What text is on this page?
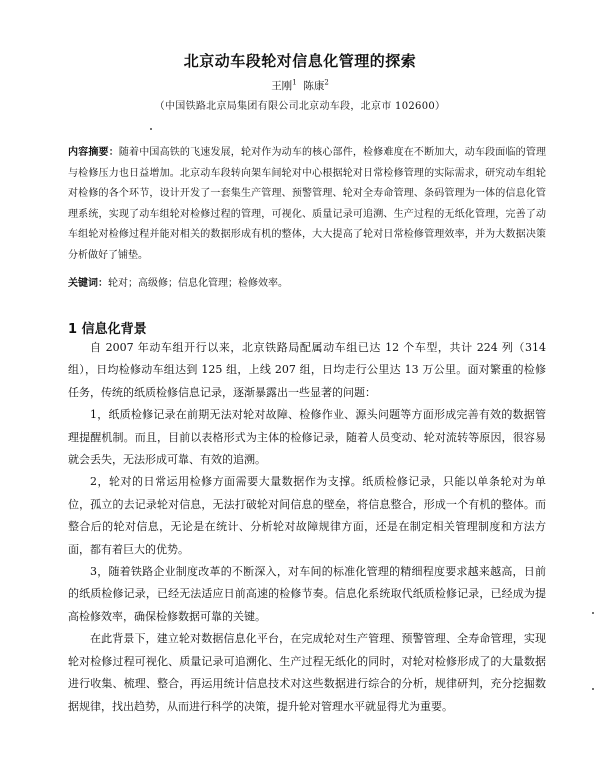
北京动车段轮对信息化管理的探索
王刚$^1$ 陈康$^2$
（中国铁路北京局集团有限公司北京动车段，北京市 102600）
内容摘要：随着中国高铁的飞速发展，轮对作为动车的核心部件，检修难度在不断加大，动车段面临的管理与检修压力也日益增加。北京动车段转向架车间轮对中心根据轮对日常检修管理的实际需求，研究动车组轮对检修的各个环节，设计开发了一套集生产管理、预警管理、轮对全寿命管理、条码管理为一体的信息化管理系统，实现了动车组轮对检修过程的管理，可视化、质量记录可追溯、生产过程的无纸化管理，完善了动车组轮对检修过程并能对相关的数据形成有机的整体，大大提高了轮对日常检修管理效率，并为大数据决策分析做好了铺垫。
关键词：轮对；高级修；信息化管理；检修效率。
1 信息化背景

自 2007 年动车组开行以来，北京铁路局配属动车组已达 12 个车型，共计 224 列（314 组），日均检修动车组达到 125 组，上线 207 组，日均走行公里达 13 万公里。面对繁重的检修任务，传统的纸质检修信息记录，逐渐暴露出一些显著的问题：

1，纸质检修记录在前期无法对轮对故障、检修作业、源头问题等方面形成完善有效的数据管理提醒机制。而且，目前以表格形式为主体的检修记录，随着人员变动、轮对流转等原因，很容易就会丢失，无法形成可靠、有效的追溯。

2，轮对的日常运用检修方面需要大量数据作为支撑。纸质检修记录，只能以单条轮对为单位，孤立的去记录轮对信息，无法打破轮对间信息的壁垒，将信息整合，形成一个有机的整体。而整合后的轮对信息，无论是在统计、分析轮对故障规律方面，还是在制定相关管理制度和方法方面，都有着巨大的优势。

3，随着铁路企业制度改革的不断深入，对车间的标准化管理的精细程度要求越来越高，日前的纸质检修记录，已经无法适应日前高速的检修节奏。信息化系统取代纸质检修记录，已经成为提高检修效率，确保检修数据可靠的关键。

在此背景下，建立轮对数据信息化平台，在完成轮对生产管理、预警管理、全寿命管理，实现轮对检修过程可视化、质量记录可追溯化、生产过程无纸化的同时，对轮对检修形成了的大量数据进行收集、梳理、整合，再运用统计信息技术对这些数据进行综合的分析，规律研判，充分挖掘数据规律，找出趋势，从而进行科学的决策，提升轮对管理水平就显得尤为重要。
